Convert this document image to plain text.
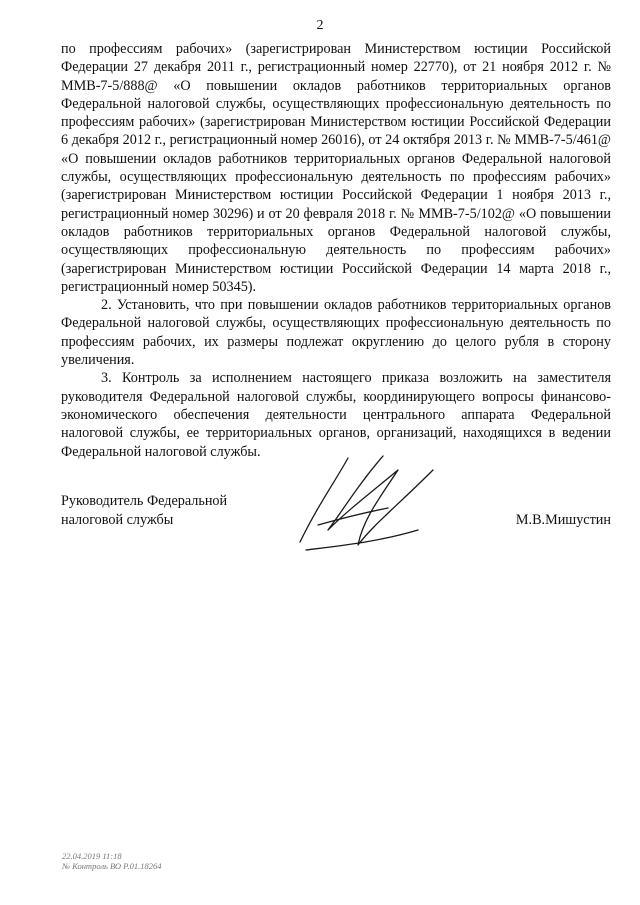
2

по профессиям рабочих» (зарегистрирован Министерством юстиции Российской Федерации 27 декабря 2011 г., регистрационный номер 22770), от 21 ноября 2012 г. № ММВ-7-5/888@ «О повышении окладов работников территориальных органов Федеральной налоговой службы, осуществляющих профессиональную деятельность по профессиям рабочих» (зарегистрирован Министерством юстиции Российской Федерации 6 декабря 2012 г., регистрационный номер 26016), от 24 октября 2013 г. № ММВ-7-5/461@ «О повышении окладов работников территориальных органов Федеральной налоговой службы, осуществляющих профессиональную деятельность по профессиям рабочих» (зарегистрирован Министерством юстиции Российской Федерации 1 ноября 2013 г., регистрационный номер 30296) и от 20 февраля 2018 г. № ММВ-7-5/102@ «О повышении окладов работников территориальных органов Федеральной налоговой службы, осуществляющих профессиональную деятельность по профессиям рабочих» (зарегистрирован Министерством юстиции Российской Федерации 14 марта 2018 г., регистрационный номер 50345).

2. Установить, что при повышении окладов работников территориальных органов Федеральной налоговой службы, осуществляющих профессиональную деятельность по профессиям рабочих, их размеры подлежат округлению до целого рубля в сторону увеличения.

3. Контроль за исполнением настоящего приказа возложить на заместителя руководителя Федеральной налоговой службы, координирующего вопросы финансово-экономического обеспечения деятельности центрального аппарата Федеральной налоговой службы, ее территориальных органов, организаций, находящихся в ведении Федеральной налоговой службы.

Руководитель Федеральной налоговой службы	М.В.Мишустин
22.04.2019 11:18
№ Контроль ВО Р.01.18264
